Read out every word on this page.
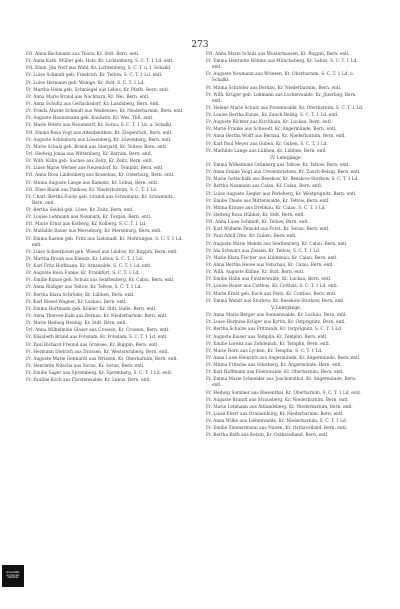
273

Frl. Anna Bachmann aus Thorn, Kr. Stdt. Bern. entl.

Fr. Anna Kath. Müller geb. Holz, Kr. Lichtenberg, S. C. T. 1 Ld. entl.

Frl. Emm. Jda Wolf aus Wahl, Kr. Lichtenberg, S. C. T. u. I. Schalkl.

Fr. Luise Schmidt geb. Friedrich, Kr. Teltow, S. C. T. 1 Ld. entl.

Fr. Luise Hermann geb. Wenige, Kr. Stdt. S. C. T. 1 Ld.

Fr. Martha Helm geb. Schmiegel aus Lebus, Kr. Pfaffs. Bern. entl.

Fr. Anna Marie Brand aus Nachbarn, Kr. Wei. Bern. entl.

Fr. Anna Schultz aus Gerlachsdorf, Kr. Landsberg, Bern. entl.

Fr. Frieda Alwine Schmidt aus Weißensee, Kr. Niederbarnim, Bern. entl.

Fr. Auguste Hannemann geb. Kaulwitz, Kr. Wes. Thlt. entl.

Fr. Marie Peters aus Neuendorf, Kr. Sorau, S. C. T. 1 Ld. u. Schalkl.

Frl. Emma Rosa Vogt aus Altenbeuthen, Kr. Ziegenrück, Bern. entl.

Fr. Auguste Schönborn aus Löwenberg, Kr. Löwenberg, Bern. entl.

Fr. Marie Schulz geb. Brand aus Stargard, Kr. Teltow, Bern. entl.

Frl. Hedwig Jonas aus Wittenberg, Kr. Barnim, Bern. entl.

Fr. Wilh. Kühn geb. Sachse aus Zeitz, Kr. Zeitz, Bern. entl.

Fr. Luise Marie Werner aus Neuendorf, Kr. Templin, Bern. entl.

Frl. Anna Rosa Lindenberg aus Kossebau, Kr. Osterburg, Bern. entl.

Fr. Minna Auguste Lange aus Kamenz, Kr. Lebus, Bern. entl.

Frl. Elise Blank aus Pankow, Kr. Niederbarnim, S. C. T. 1 Ld.

Fr. Charl. Bertha Fuchs geb. Gramß aus Schweinitz, Kr. Schweinitz, Bern. entl.

Fr. Bertha Seidel geb. Löwe, Kr. Zeitz, Bern. entl.

Fr. Louise Lehmann aus Neumark, Kr. Torgau, Bern. entl.

Frl. Marie Ernst aus Kolberg, Kr. Kolberg, S. C. T. 1 Ld.

Fr. Mathilde Bauer aus Merseburg, Kr. Merseburg, Bern. entl.

Fr. Emma Kasten geb. Fritz aus Liebstadt, Kr. Mohrungen, S. C. T. 1 Ld. entl.

Fr. Luise Scheerbaum geb. Wiesel aus Lindow, Kr. Ruppin, Bern. entl.

Fr. Martha Braun aus Kienitz, Kr. Lebus, S. C. T. 1 Ld.

Fr. Karl Fritz Hoffmann, Kr. Arnswalde, S. C. T. 1 Ld. entl.

Fr. Auguste Rosa Funke, Kr. Frankfurt, S. C. T. 1 Ld.

Fr. Emilie Kunze geb. Schulz aus Senftenberg, Kr. Calau, Bern. entl.

Fr. Anna Rüdiger aus Teltow, Kr. Teltow, S. C. T. 1 Ld.

Fr. Bertha Klara Schröder, Kr. Lübben, Bern. entl.

Fr. Karl Riesel Wagner, Kr. Luckau, Bern. entl.

Fr. Emma Hartmann geb. Köhler, Kr. Stdt. Halle, Bern. entl.

Fr. Anna Therese Kahl aus Bernau, Kr. Niederbarnim, Bern. entl.

Fr. Marie Hedwig Hennig, Kr. Stdt. Bern. entl.

Frl. Anna Wilhelmine Glaser aus Crossen, Kr. Crossen, Bern. entl.

Fr. Elisabeth Brand aus Potsdam, Kr. Potsdam, S. C. T. 1 Ld. entl.

Fr. Paul Richard Freund aus Gransee, Kr. Ruppin, Bern. entl.

Fr. Hermann Dietrich aus Drossen, Kr. Weststernberg, Bern. entl.

Fr. Auguste Marie Gebhardt aus Wriezen, Kr. Oberbarnim, Bern. entl.

Fr. Henriette Nitsche aus Sorau, Kr. Sorau, Bern. entl.

Fr. Emilie Sager aus Spremberg, Kr. Spremberg, S. C. T. 1 Ld. entl.

Fr. Pauline Koch aus Fürstenwalde, Kr. Lebus, Bern. entl.

Frl. Anna Marie Schulz aus Wusterhausen, Kr. Ruppin, Bern. entl.

Fr. Emma Henriette Böhme aus Müncheberg, Kr. Lebus, S. C. T. 1 Ld. entl.

Fr. Auguste Neumann aus Wriezen, Kr. Oberbarnim, S. C. T. 1 Ld. u. Schalkl.

Fr. Minna Schröder aus Bernau, Kr. Niederbarnim, Bern. entl.

Fr. Wilh. Krüger geb. Lehmann aus Luckenwalde, Kr. Jüterbog, Bern. entl.

Fr. Helene Marie Schulz aus Freienwalde, Kr. Oberbarnim, S. C. T. 1 Ld.

Fr. Louise Bertha Kunze, Kr. Zauch-Belzig, S. C. T. 1 Ld. entl.

Fr. Auguste Richter aus Kirchhain, Kr. Luckau, Bern. entl.

Fr. Marie Franke aus Schwedt, Kr. Angermünde, Bern. entl.

Fr. Anna Bertha Wolff aus Bernau, Kr. Niederbarnim, Bern. entl.

Fr. Karl Paul Meyer aus Guben, Kr. Guben, S. C. T. 1 Ld.

Fr. Mathilde Lange aus Lübben, Kr. Lübben, Bern. entl.

IV. Lehrgänge.

Fr. Emma Wilhelmine Grünberg aus Teltow, Kr. Teltow, Bern. entl.

Fr. Anna Emilie Voigt aus Treuenbrietzen, Kr. Zauch-Belzig, Bern. entl.

Fr. Marie Gottschalk aus Beeskow, Kr. Beeskow-Storkow, S. C. T. 1 Ld.

Fr. Bertha Naumann aus Calau, Kr. Calau, Bern. entl.

Fr. Luise Auguste Ziegler aus Perleberg, Kr. Westprignitz, Bern. entl.

Fr. Emilie Thiele aus Mittenwalde, Kr. Teltow, Bern. entl.

Fr. Minna Krause aus Drebkau, Kr. Calau, S. C. T. 1 Ld.

Fr. Hedwig Rosa Hübner, Kr. Stdt. Bern. entl.

Frl. Anna Luise Schmidt, Kr. Teltow, Bern. entl.

Fr. Karl Wilhelm Petzold aus Forst, Kr. Sorau, Bern. entl.

Fr. Paul Adolf Otto, Kr. Guben, Bern. entl.

Fr. Auguste Marie Mende aus Senftenberg, Kr. Calau, Bern. entl.

Fr. Ida Schwarz aus Zossen, Kr. Teltow, S. C. T. 1 Ld.

Fr. Marie Klara Fischer aus Lübbenau, Kr. Calau, Bern. entl.

Fr. Anna Bertha Hesse aus Vetschau, Kr. Calau, Bern. entl.

Fr. Wilh. Auguste Kühne, Kr. Stdt. Bern. entl.

Fr. Emilie Hahn aus Finsterwalde, Kr. Luckau, Bern. entl.

Fr. Louise Bauer aus Cottbus, Kr. Cottbus, S. C. T. 1 Ld. entl.

Fr. Marie Ernst geb. Koch aus Peitz, Kr. Cottbus, Bern. entl.

Fr. Emma Wendt aus Storkow, Kr. Beeskow-Storkow, Bern. entl.

V. Lehrgänge.

Fr. Anna Marie Berger aus Sonnenwalde, Kr. Luckau, Bern. entl.

Fr. Luise Hermine Krüger aus Kyritz, Kr. Ostprignitz, Bern. entl.

Fr. Bertha Schulze aus Pritzwalk, Kr. Ostprignitz, S. C. T. 1 Ld.

Fr. Auguste Kaiser aus Templin, Kr. Templin, Bern. entl.

Fr. Emilie Lorenz aus Zehdenick, Kr. Templin, Bern. entl.

Fr. Marie Horn aus Lychen, Kr. Templin, S. C. T. 1 Ld.

Fr. Anna Luise Heinrich aus Angermünde, Kr. Angermünde, Bern. entl.

Fr. Minna Fritsche aus Oderberg, Kr. Angermünde, Bern. entl.

Fr. Karl Hoffmann aus Eberswalde, Kr. Oberbarnim, Bern. entl.

Fr. Emma Marie Schneider aus Joachimsthal, Kr. Angermünde, Bern. entl.

Fr. Hedwig Sommer aus Biesenthal, Kr. Oberbarnim, S. C. T. 1 Ld. entl.

Fr. Auguste Brandt aus Strausberg, Kr. Niederbarnim, Bern. entl.

Fr. Marie Lehmann aus Altlandsberg, Kr. Niederbarnim, Bern. entl.

Fr. Luise Ebert aus Oranienburg, Kr. Niederbarnim, Bern. entl.

Fr. Anna Wilke aus Liebenwalde, Kr. Niederbarnim, S. C. T. 1 Ld.

Fr. Emilie Zimmermann aus Nauen, Kr. Osthavelland, Bern. entl.

Fr. Bertha Roth aus Ketzin, Kr. Osthavelland, Bern. entl.

Universitäts-
und Landes-
bibliothek
